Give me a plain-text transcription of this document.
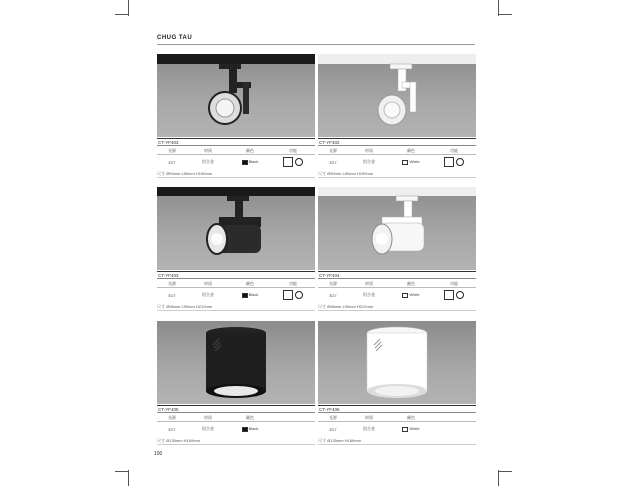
CHUG TAU
CT-YF403
光源	材质	颜色	功能
E27	铝合金	Black
尺寸 Ø90mm L80mm H190mm
CT-YF402
光源	材质	颜色	功能
E27	铝合金	White
尺寸 Ø90mm L80mm H190mm
CT-YF403
光源	材质	颜色	功能
E27	铝合金	Black
尺寸 Ø96mm L90mm H212mm
CT-YF404
光源	材质	颜色	功能
E27	铝合金	White
尺寸 Ø96mm L90mm H212mm
CT-YF405
光源	材质	颜色
E27	铝合金	Black
尺寸 Ø135mm H160mm
CT-YF406
光源	材质	颜色
E27	铝合金	White
尺寸 Ø135mm H160mm
100
